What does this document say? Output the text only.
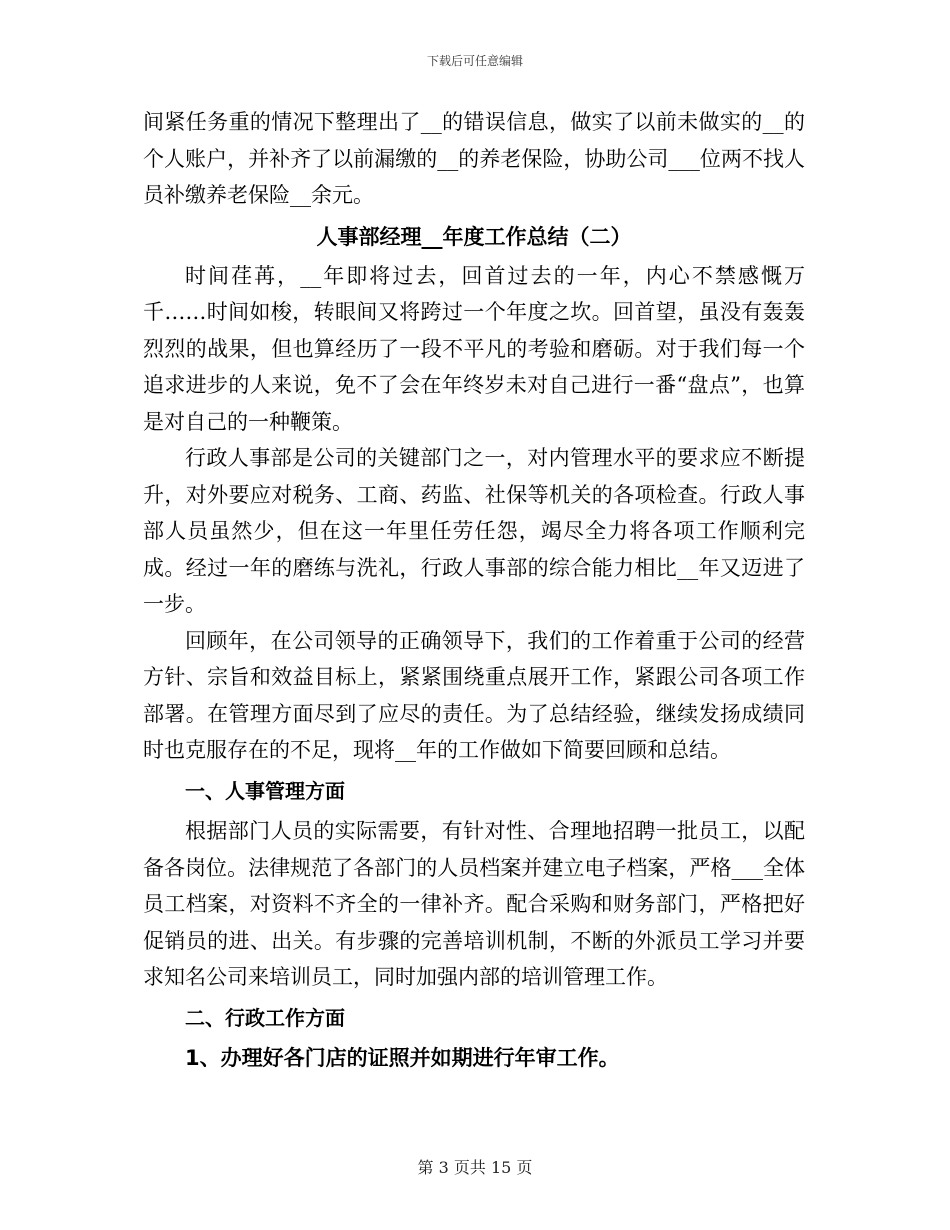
下载后可任意编辑

间紧任务重的情况下整理出了__的错误信息，做实了以前未做实的__的个人账户，并补齐了以前漏缴的__的养老保险，协助公司___位两不找人员补缴养老保险__余元。

人事部经理__年度工作总结（二）

时间荏苒，__年即将过去，回首过去的一年，内心不禁感慨万千……时间如梭，转眼间又将跨过一个年度之坎。回首望，虽没有轰轰烈烈的战果，但也算经历了一段不平凡的考验和磨砺。对于我们每一个追求进步的人来说，免不了会在年终岁未对自己进行一番“盘点”，也算是对自己的一种鞭策。

行政人事部是公司的关键部门之一，对内管理水平的要求应不断提升，对外要应对税务、工商、药监、社保等机关的各项检查。行政人事部人员虽然少，但在这一年里任劳任怨，竭尽全力将各项工作顺利完成。经过一年的磨练与洗礼，行政人事部的综合能力相比__年又迈进了一步。

回顾年，在公司领导的正确领导下，我们的工作着重于公司的经营方针、宗旨和效益目标上，紧紧围绕重点展开工作，紧跟公司各项工作部署。在管理方面尽到了应尽的责任。为了总结经验，继续发扬成绩同时也克服存在的不足，现将__年的工作做如下简要回顾和总结。

一、人事管理方面

根据部门人员的实际需要，有针对性、合理地招聘一批员工，以配备各岗位。法律规范了各部门的人员档案并建立电子档案，严格___全体员工档案，对资料不齐全的一律补齐。配合采购和财务部门，严格把好促销员的进、出关。有步骤的完善培训机制，不断的外派员工学习并要求知名公司来培训员工，同时加强内部的培训管理工作。

二、行政工作方面
1、办理好各门店的证照并如期进行年审工作。
第 3 页共 15 页
